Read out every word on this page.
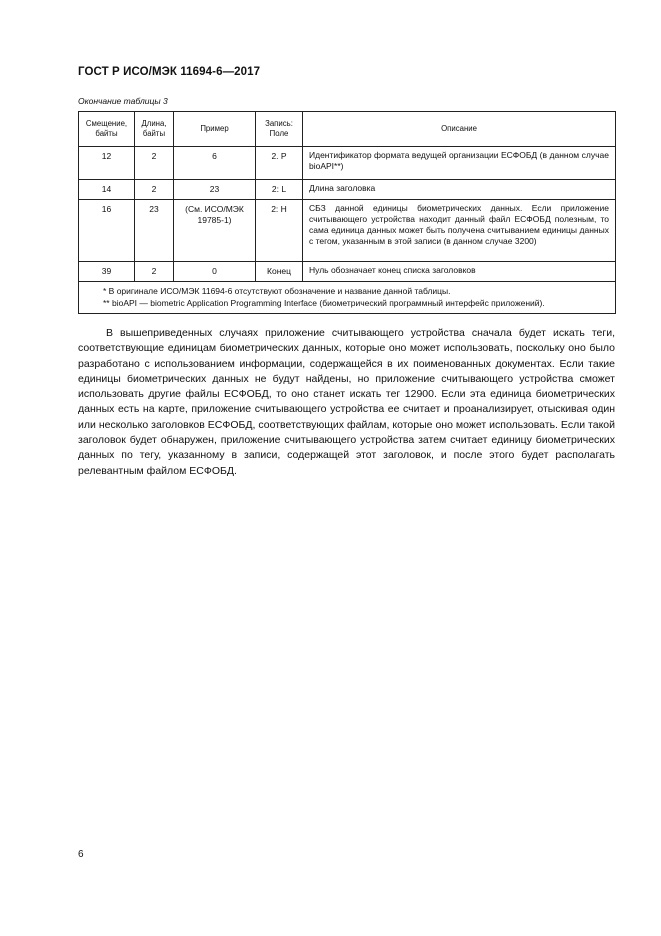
ГОСТ Р ИСО/МЭК 11694-6—2017
Окончание таблицы 3
Смещение, байты	Длина, байты	Пример	Запись: Поле	Описание
12	2	6	2. P	Идентификатор формата ведущей организации ЕСФОБД (в данном случае bioAPI**)
14	2	23	2: L	Длина заголовка
16	23	(См. ИСО/МЭК 19785-1)	2: H	СБЗ данной единицы биометрических данных. Если приложение считывающего устройства находит данный файл ЕСФОБД полезным, то сама единица данных может быть получена считыванием единицы данных с тегом, указанным в этой записи (в данном случае 3200)
39	2	0	Конец	Нуль обозначает конец списка заголовков

* В оригинале ИСО/МЭК 11694-6 отсутствуют обозначение и название данной таблицы.
** bioAPI — biometric Application Programming Interface (биометрический программный интерфейс приложений).				

В вышеприведенных случаях приложение считывающего устройства сначала будет искать теги, соответствующие единицам биометрических данных, которые оно может использовать, поскольку оно было разработано с использованием информации, содержащейся в их поименованных документах. Если такие единицы биометрических данных не будут найдены, но приложение считывающего устройства сможет использовать другие файлы ЕСФОБД, то оно станет искать тег 12900. Если эта единица биометрических данных есть на карте, приложение считывающего устройства ее считает и проанализирует, отыскивая один или несколько заголовков ЕСФОБД, соответствующих файлам, которые оно может использовать. Если такой заголовок будет обнаружен, приложение считывающего устройства затем считает единицу биометрических данных по тегу, указанному в записи, содержащей этот заголовок, и после этого будет располагать релевантным файлом ЕСФОБД.

6
